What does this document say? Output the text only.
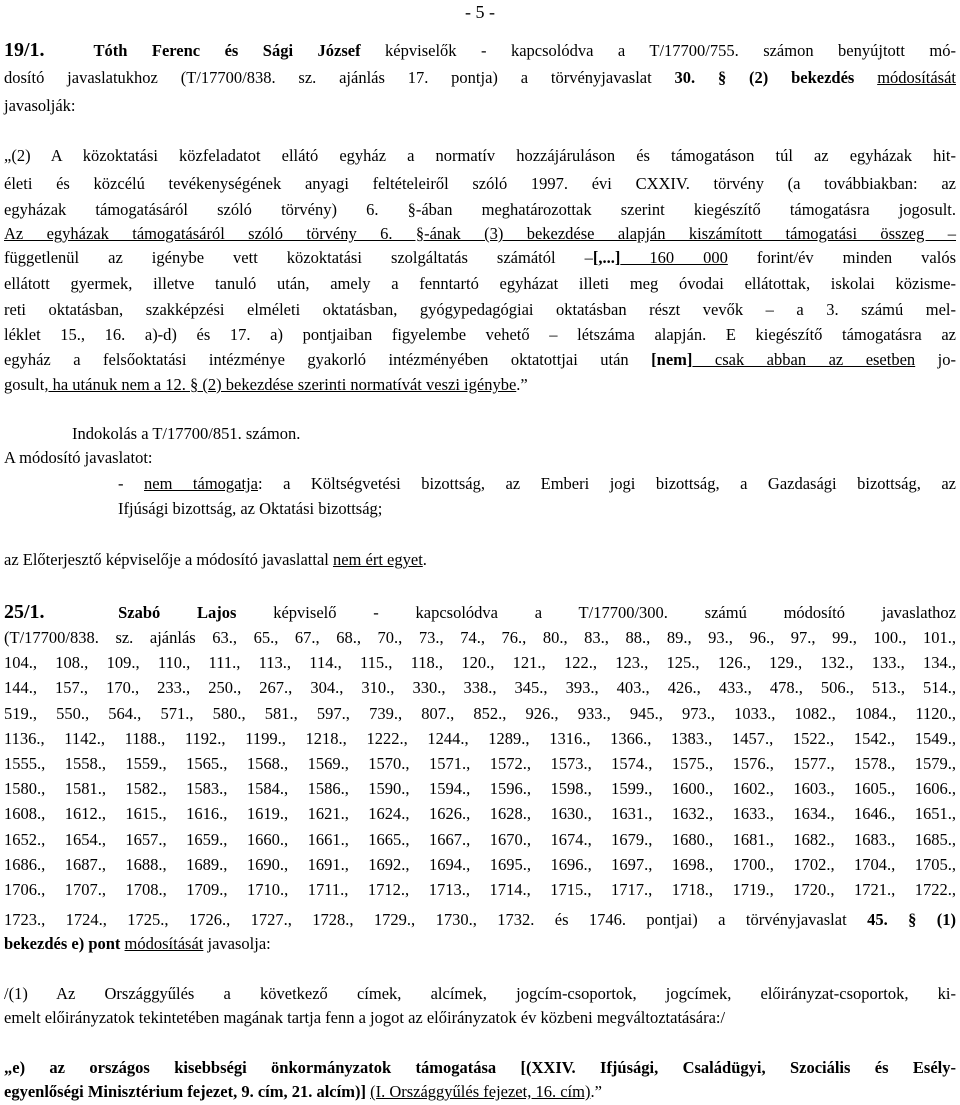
- 5 -
19/1.	Tóth Ferenc és Sági József képviselők - kapcsolódva a T/17700/755. számon benyújtott mó-
dosító javaslatukhoz (T/17700/838. sz. ajánlás 17. pontja) a törvényjavaslat 30. § (2) bekezdés módosítását
javasolják:
„(2) A közoktatási közfeladatot ellátó egyház a normatív hozzájáruláson és támogatáson túl az egyházak hit-
életi és közcélú tevékenységének anyagi feltételeiről szóló 1997. évi CXXIV. törvény (a továbbiakban: az
egyházak támogatásáról szóló törvény) 6. §-ában meghatározottak szerint kiegészítő támogatásra jogosult.
Az egyházak támogatásáról szóló törvény 6. §-ának (3) bekezdése alapján kiszámított támogatási összeg –
függetlenül az igénybe vett közoktatási szolgáltatás számától –[,...] 160 000 forint/év minden valós
ellátott gyermek, illetve tanuló után, amely a fenntartó egyházat illeti meg óvodai ellátottak, iskolai közisme-
reti oktatásban, szakképzési elméleti oktatásban, gyógypedagógiai oktatásban részt vevők – a 3. számú mel-
léklet 15., 16. a)-d) és 17. a) pontjaiban figyelembe vehető – létszáma alapján. E kiegészítő támogatásra az
egyház a felsőoktatási intézménye gyakorló intézményében oktatottjai után [nem] csak abban az esetben jo-
gosult, ha utánuk nem a 12. § (2) bekezdése szerinti normatívát veszi igénybe.”
Indokolás a T/17700/851. számon.
A módosító javaslatot:
- nem támogatja: a Költségvetési bizottság, az Emberi jogi bizottság, a Gazdasági bizottság, az
Ifjúsági bizottság, az Oktatási bizottság;
az Előterjesztő képviselője a módosító javaslattal nem ért egyet.
25/1.	Szabó Lajos képviselő - kapcsolódva a T/17700/300. számú módosító javaslathoz
(T/17700/838. sz. ajánlás 63., 65., 67., 68., 70., 73., 74., 76., 80., 83., 88., 89., 93., 96., 97., 99., 100., 101.,
104., 108., 109., 110., 111., 113., 114., 115., 118., 120., 121., 122., 123., 125., 126., 129., 132., 133., 134.,
144., 157., 170., 233., 250., 267., 304., 310., 330., 338., 345., 393., 403., 426., 433., 478., 506., 513., 514.,
519., 550., 564., 571., 580., 581., 597., 739., 807., 852., 926., 933., 945., 973., 1033., 1082., 1084., 1120.,
1136., 1142., 1188., 1192., 1199., 1218., 1222., 1244., 1289., 1316., 1366., 1383., 1457., 1522., 1542., 1549.,
1555., 1558., 1559., 1565., 1568., 1569., 1570., 1571., 1572., 1573., 1574., 1575., 1576., 1577., 1578., 1579.,
1580., 1581., 1582., 1583., 1584., 1586., 1590., 1594., 1596., 1598., 1599., 1600., 1602., 1603., 1605., 1606.,
1608., 1612., 1615., 1616., 1619., 1621., 1624., 1626., 1628., 1630., 1631., 1632., 1633., 1634., 1646., 1651.,
1652., 1654., 1657., 1659., 1660., 1661., 1665., 1667., 1670., 1674., 1679., 1680., 1681., 1682., 1683., 1685.,
1686., 1687., 1688., 1689., 1690., 1691., 1692., 1694., 1695., 1696., 1697., 1698., 1700., 1702., 1704., 1705.,
1706., 1707., 1708., 1709., 1710., 1711., 1712., 1713., 1714., 1715., 1717., 1718., 1719., 1720., 1721., 1722.,
1723., 1724., 1725., 1726., 1727., 1728., 1729., 1730., 1732. és 1746. pontjai) a törvényjavaslat 45. § (1)
bekezdés e) pont módosítását javasolja:
/(1) Az Országgyűlés a következő címek, alcímek, jogcím-csoportok, jogcímek, előirányzat-csoportok, ki-
emelt előirányzatok tekintetében magának tartja fenn a jogot az előirányzatok év közbeni megváltoztatására:/
„e) az országos kisebbségi önkormányzatok támogatása [(XXIV. Ifjúsági, Családügyi, Szociális és Esély-
egyenlőségi Minisztérium fejezet, 9. cím, 21. alcím)] (I. Országgyűlés fejezet, 16. cím).”
